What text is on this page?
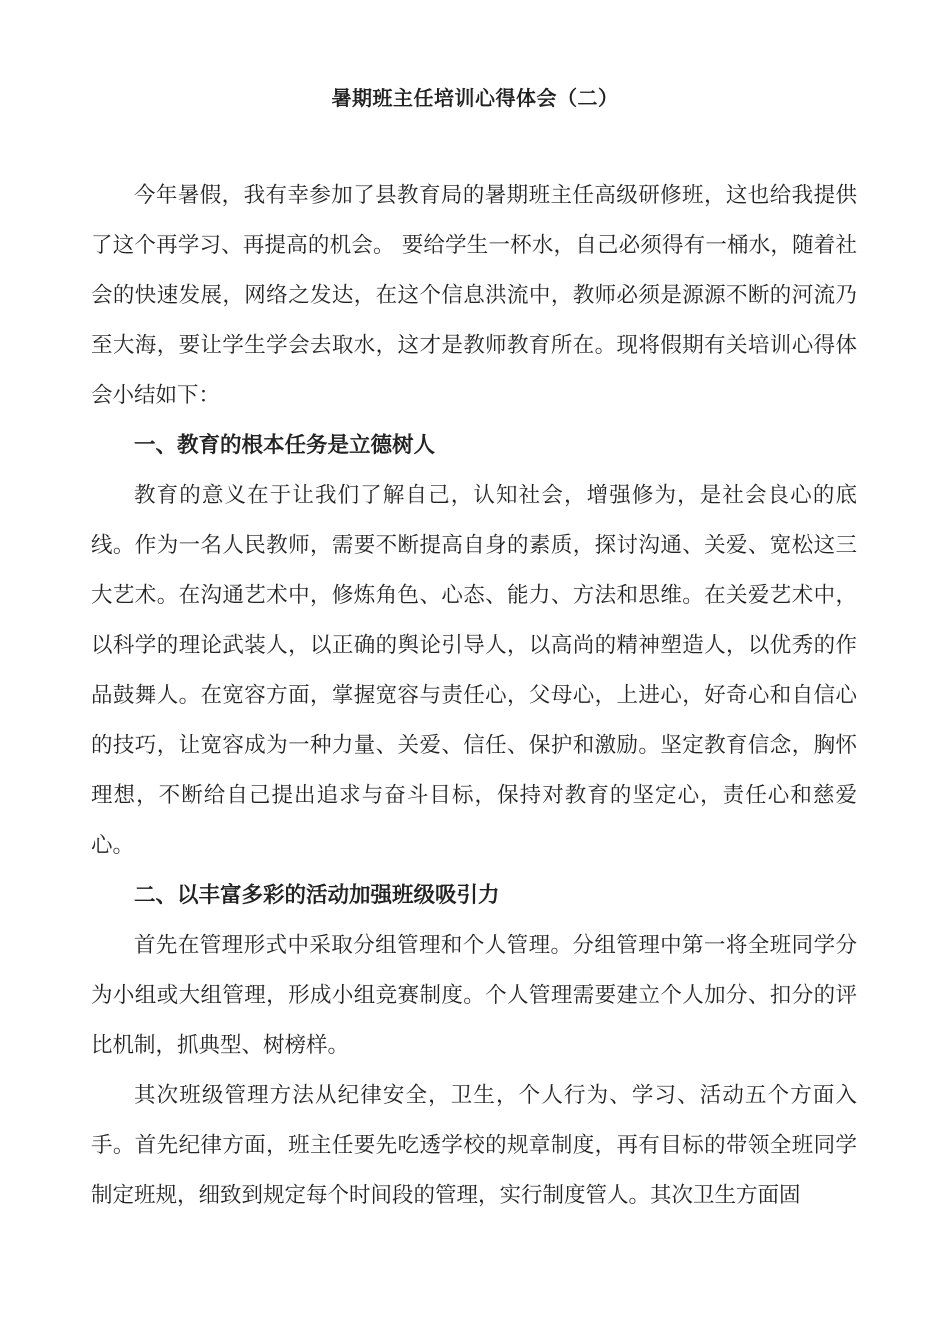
暑期班主任培训心得体会（二）

今年暑假，我有幸参加了县教育局的暑期班主任高级研修班，这也给我提供了这个再学习、再提高的机会。 要给学生一杯水，自己必须得有一桶水，随着社会的快速发展，网络之发达，在这个信息洪流中，教师必须是源源不断的河流乃至大海，要让学生学会去取水，这才是教师教育所在。现将假期有关培训心得体会小结如下：

一、教育的根本任务是立德树人

教育的意义在于让我们了解自己，认知社会，增强修为，是社会良心的底线。作为一名人民教师，需要不断提高自身的素质，探讨沟通、关爱、宽松这三大艺术。在沟通艺术中，修炼角色、心态、能力、方法和思维。在关爱艺术中，以科学的理论武装人，以正确的舆论引导人，以高尚的精神塑造人，以优秀的作品鼓舞人。在宽容方面，掌握宽容与责任心，父母心，上进心，好奇心和自信心的技巧，让宽容成为一种力量、关爱、信任、保护和激励。坚定教育信念，胸怀理想，不断给自己提出追求与奋斗目标，保持对教育的坚定心，责任心和慈爱心。

二、以丰富多彩的活动加强班级吸引力

首先在管理形式中采取分组管理和个人管理。分组管理中第一将全班同学分为小组或大组管理，形成小组竞赛制度。个人管理需要建立个人加分、扣分的评比机制，抓典型、树榜样。

其次班级管理方法从纪律安全，卫生，个人行为、学习、活动五个方面入手。首先纪律方面，班主任要先吃透学校的规章制度，再有目标的带领全班同学制定班规，细致到规定每个时间段的管理，实行制度管人。其次卫生方面固
